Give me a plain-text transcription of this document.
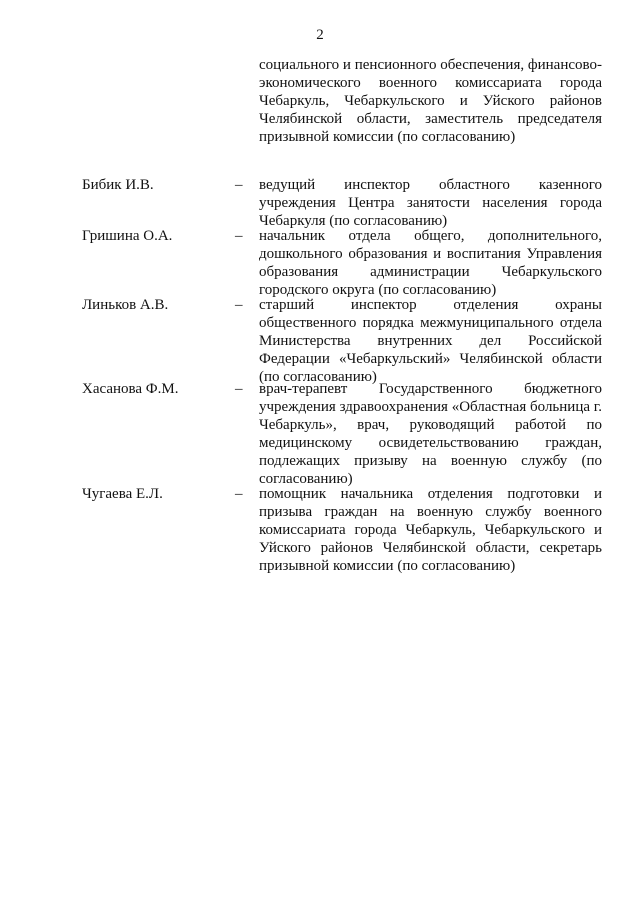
2

социального и пенсионного обеспечения, финансово-экономического военного комиссариата города Чебаркуль, Чебаркульского и Уйского районов Челябинской области, заместитель председателя призывной комиссии (по согласованию)

Бибик И.В.	– ведущий инспектор областного казенного учреждения Центра занятости населения города Чебаркуля (по согласованию)

Гришина О.А.	– начальник отдела общего, дополнительного, дошкольного образования и воспитания Управления образования администрации Чебаркульского городского округа (по согласованию)

Линьков А.В.	– старший инспектор отделения охраны общественного порядка межмуниципального отдела Министерства внутренних дел Российской Федерации «Чебаркульский» Челябинской области (по согласованию)

Хасанова Ф.М.	– врач-терапевт Государственного бюджетного учреждения здравоохранения «Областная больница г. Чебаркуль», врач, руководящий работой по медицинскому освидетельствованию граждан, подлежащих призыву на военную службу (по согласованию)

Чугаева Е.Л.	– помощник начальника отделения подготовки и призыва граждан на военную службу военного комиссариата города Чебаркуль, Чебаркульского и Уйского районов Челябинской области, секретарь призывной комиссии (по согласованию)
